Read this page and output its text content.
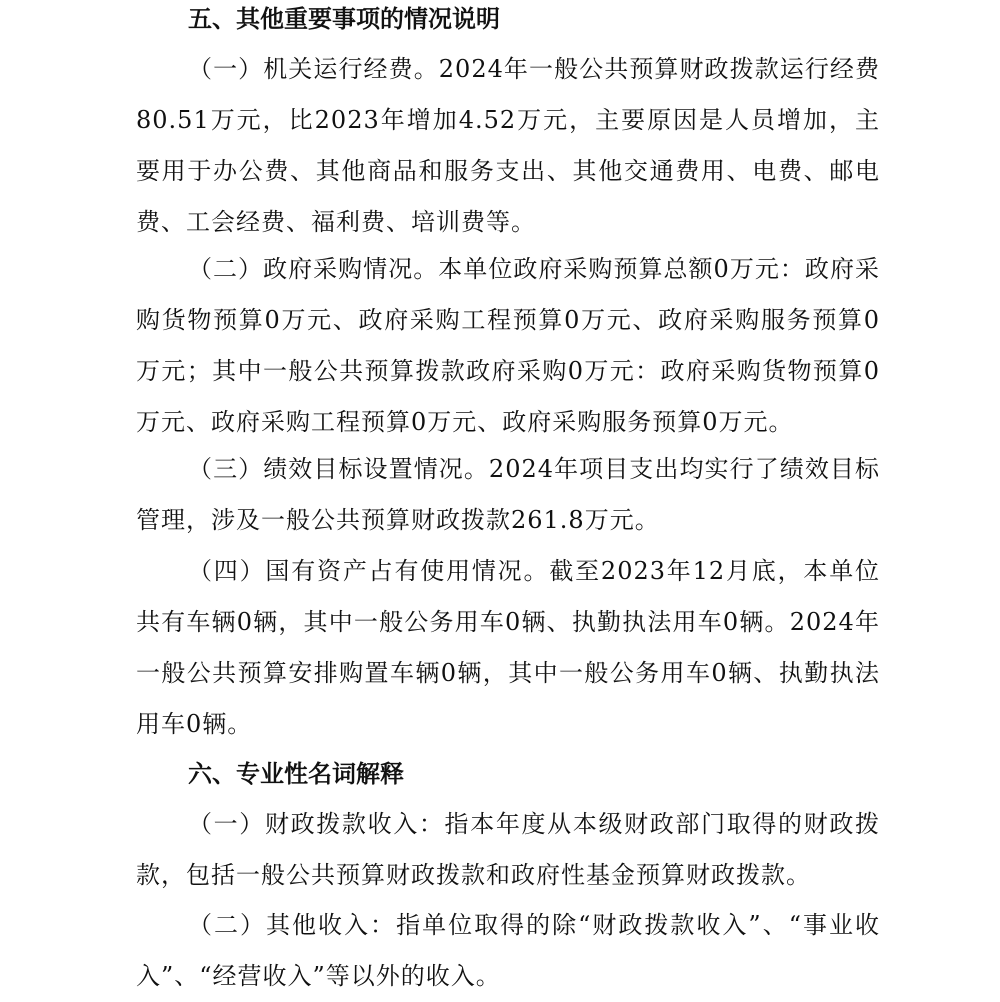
五、其他重要事项的情况说明

（一）机关运行经费。2024年一般公共预算财政拨款运行经费80.51万元，比2023年增加4.52万元，主要原因是人员增加，主要用于办公费、其他商品和服务支出、其他交通费用、电费、邮电费、工会经费、福利费、培训费等。

（二）政府采购情况。本单位政府采购预算总额0万元：政府采购货物预算0万元、政府采购工程预算0万元、政府采购服务预算0万元；其中一般公共预算拨款政府采购0万元：政府采购货物预算0万元、政府采购工程预算0万元、政府采购服务预算0万元。

（三）绩效目标设置情况。2024年项目支出均实行了绩效目标管理，涉及一般公共预算财政拨款261.8万元。

（四）国有资产占有使用情况。截至2023年12月底，本单位共有车辆0辆，其中一般公务用车0辆、执勤执法用车0辆。2024年一般公共预算安排购置车辆0辆，其中一般公务用车0辆、执勤执法用车0辆。

六、专业性名词解释

（一）财政拨款收入：指本年度从本级财政部门取得的财政拨款，包括一般公共预算财政拨款和政府性基金预算财政拨款。

（二）其他收入：指单位取得的除“财政拨款收入”、“事业收入”、“经营收入”等以外的收入。
